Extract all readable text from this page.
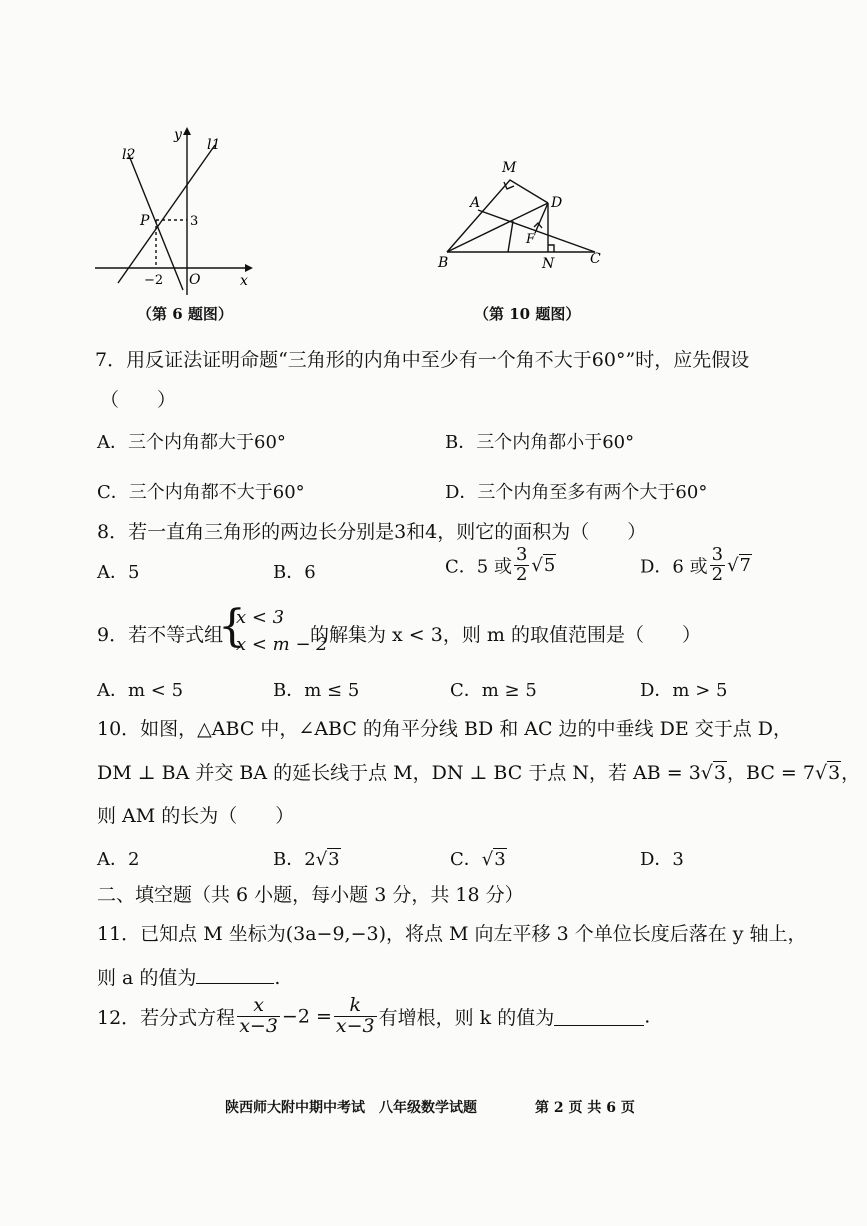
x
y
O
P
l1
l2
3
−2
（第 6 题图）
M
A	D
F
B	N	C
（第 10 题图）
7．用反证法证明命题“三角形的内角中至少有一个角不大于60°”时，应先假设
（　　）
A．三个内角都大于60°	B．三个内角都小于60°
C．三个内角都不大于60°	D．三个内角至多有两个大于60°
8．若一直角三角形的两边长分别是3和4，则它的面积为（　　）
A．5	B．6	C．5 或 $\frac{3}{2} √5$	D．6 或 $\frac{3}{2} √7$
9．若不等式组
{
x < 3
x < m − 2
的解集为 x < 3，则 m 的取值范围是（　　）
A．m < 5	B．m ≤ 5	C．m ≥ 5	D．m > 5
10．如图，△ABC 中，∠ABC 的角平分线 BD 和 AC 边的中垂线 DE 交于点 D，
DM ⊥ BA 并交 BA 的延长线于点 M，DN ⊥ BC 于点 N，若 AB = 3√3，BC = 7√3，
则 AM 的长为（　　）
A．2	B．2√3	C．√3	D．3
二、填空题（共 6 小题，每小题 3 分，共 18 分）
11．已知点 M 坐标为(3a−9,−3)，将点 M 向左平移 3 个单位长度后落在 y 轴上，
则 a 的值为	.
12．若分式方程 $\frac{x}{x-3} -2 = \frac{k}{x-3}$ 有增根，则 k 的值为	.
陕西师大附中期中考试　八年级数学试题	第 2 页 共 6 页
